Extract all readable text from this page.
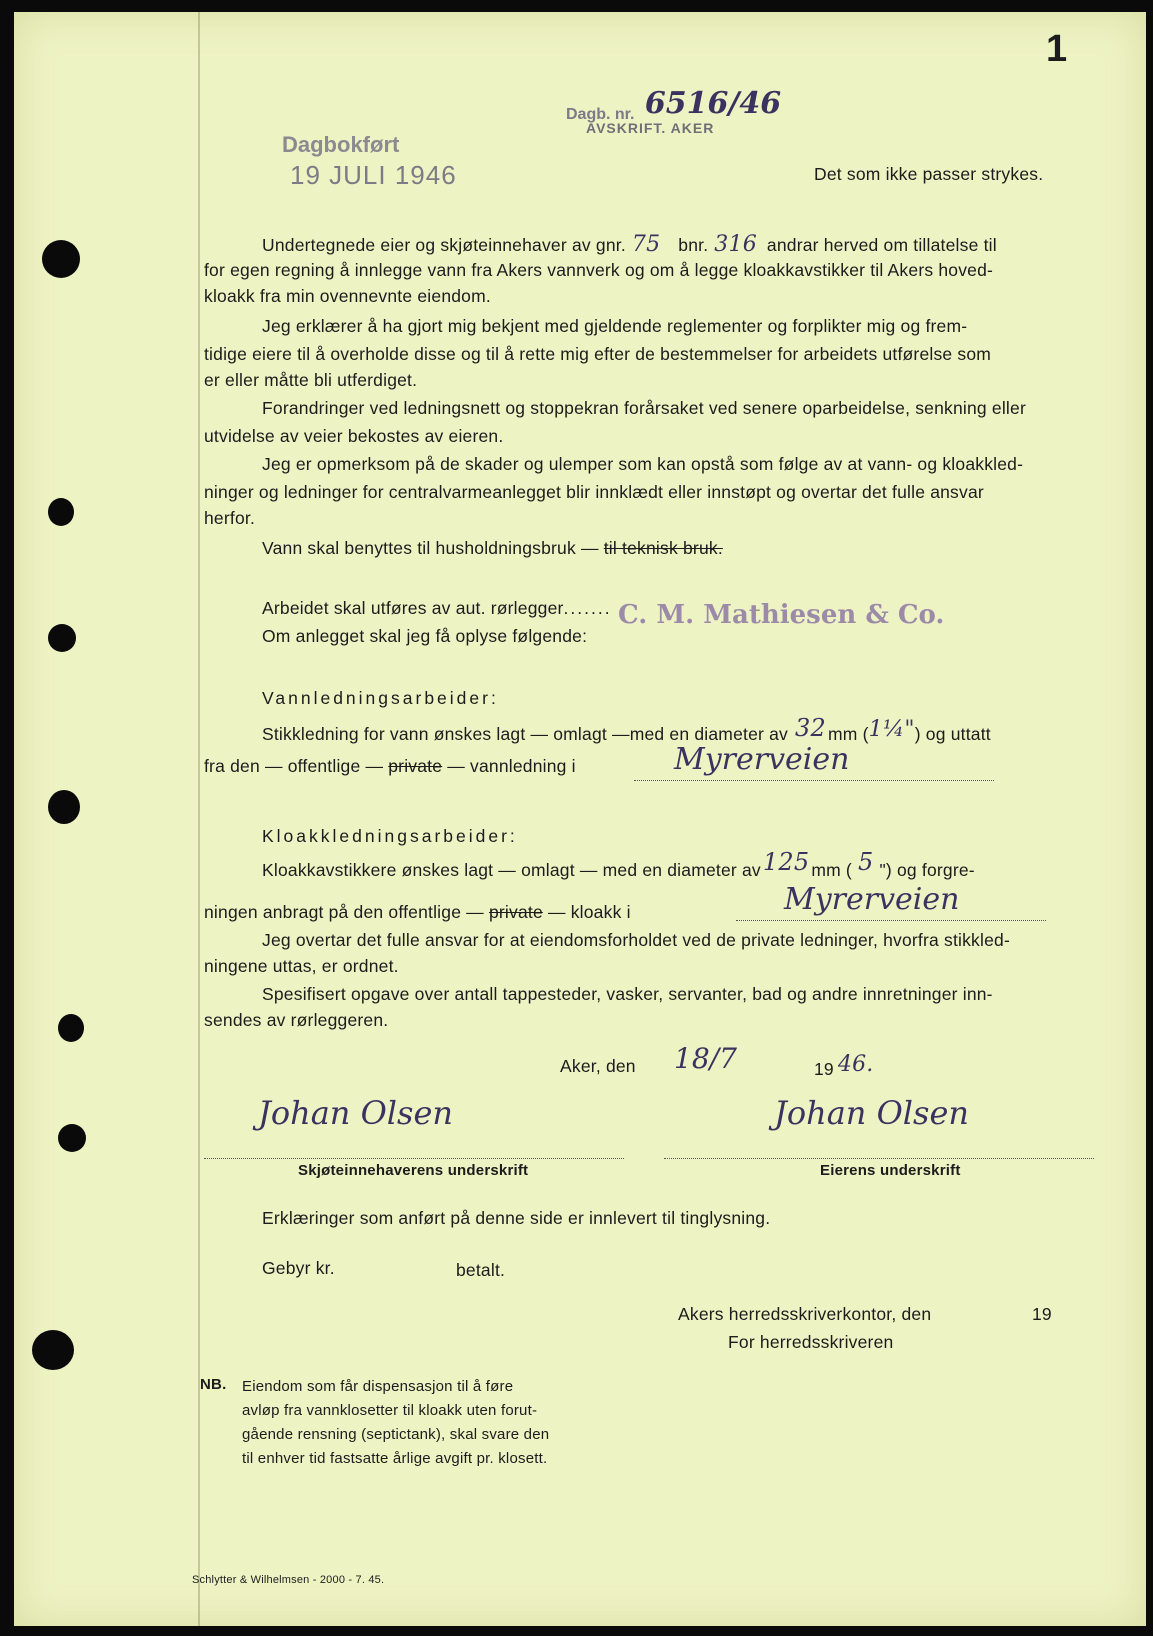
1
Dagb. nr. 6516/46
AVSKRIFT. AKER
Dagbokført
19 JULI 1946	Det som ikke passer strykes.
Undertegnede eier og skjøteinnehaver av gnr. 75 bnr. 316 andrar herved om tillatelse til
for egen regning å innlegge vann fra Akers vannverk og om å legge kloakkavstikker til Akers hoved-
kloakk fra min ovennevnte eiendom.
Jeg erklærer å ha gjort mig bekjent med gjeldende reglementer og forplikter mig og frem-
tidige eiere til å overholde disse og til å rette mig efter de bestemmelser for arbeidets utførelse som
er eller måtte bli utferdiget.
Forandringer ved ledningsnett og stoppekran forårsaket ved senere oparbeidelse, senkning eller
utvidelse av veier bekostes av eieren.
Jeg er opmerksom på de skader og ulemper som kan opstå som følge av at vann- og kloakkled-
ninger og ledninger for centralvarmeanlegget blir innklædt eller innstøpt og overtar det fulle ansvar
herfor.
Vann skal benyttes til husholdningsbruk — til teknisk bruk.
Arbeidet skal utføres av aut. rørlegger....... C. M. Mathiesen & Co.
Om anlegget skal jeg få oplyse følgende:
Vannledningsarbeider:
Stikkledning for vann ønskes lagt — omlagt —med en diameter av 32 mm (1¼") og uttatt
fra den — offentlige — private — vannledning i	Myrerveien
Kloakkledningsarbeider:
Kloakkavstikkere ønskes lagt — omlagt — med en diameter av125 mm ( 5 ") og forgre-
ningen anbragt på den offentlige — private — kloakk i	Myrerveien
Jeg overtar det fulle ansvar for at eiendomsforholdet ved de private ledninger, hvorfra stikkled-
ningene uttas, er ordnet.
Spesifisert opgave over antall tappesteder, vasker, servanter, bad og andre innretninger inn-
sendes av rørleggeren.
Aker, den 18/7	19 46.
Johan Olsen
Skjøteinnehaverens underskrift
Johan Olsen
Eierens underskrift
Erklæringer som anført på denne side er innlevert til tinglysning.
Gebyr kr.	betalt.
Akers herredsskriverkontor, den	19
For herredsskriveren
NB. Eiendom som får dispensasjon til å føre
avløp fra vannklosetter til kloakk uten forut-
gående rensning (septictank), skal svare den
til enhver tid fastsatte årlige avgift pr. klosett.
Schlytter & Wilhelmsen - 2000 - 7. 45.
